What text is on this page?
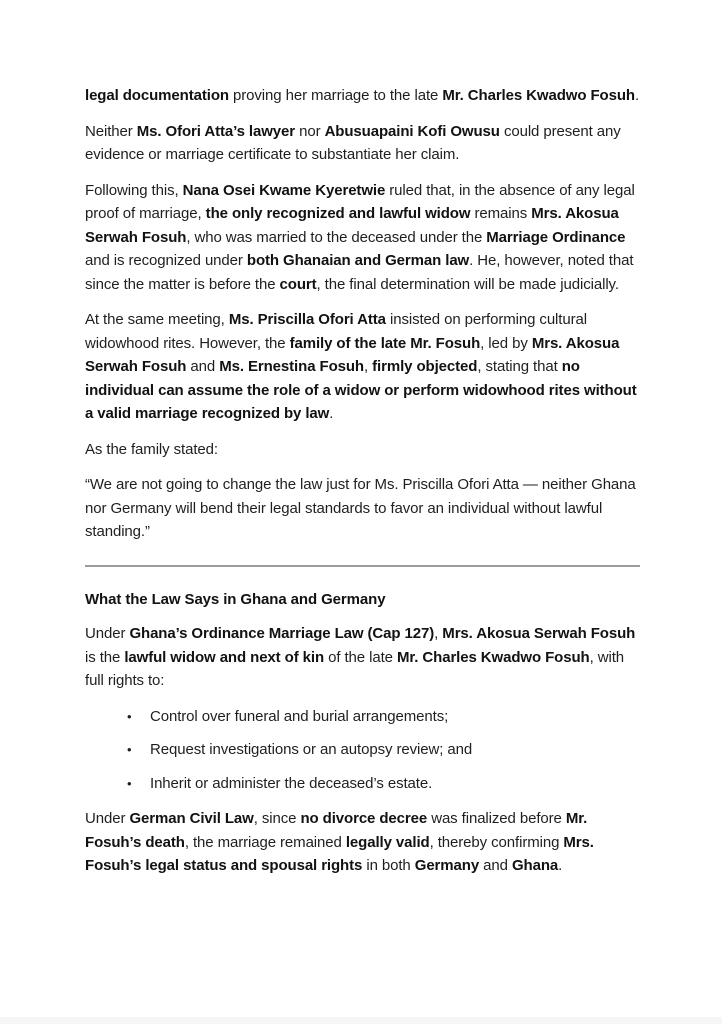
legal documentation proving her marriage to the late Mr. Charles Kwadwo Fosuh.

Neither Ms. Ofori Atta’s lawyer nor Abusuapaini Kofi Owusu could present any evidence or marriage certificate to substantiate her claim.

Following this, Nana Osei Kwame Kyeretwie ruled that, in the absence of any legal proof of marriage, the only recognized and lawful widow remains Mrs. Akosua Serwah Fosuh, who was married to the deceased under the Marriage Ordinance and is recognized under both Ghanaian and German law. He, however, noted that since the matter is before the court, the final determination will be made judicially.

At the same meeting, Ms. Priscilla Ofori Atta insisted on performing cultural widowhood rites. However, the family of the late Mr. Fosuh, led by Mrs. Akosua Serwah Fosuh and Ms. Ernestina Fosuh, firmly objected, stating that no individual can assume the role of a widow or perform widowhood rites without a valid marriage recognized by law.

As the family stated:

“We are not going to change the law just for Ms. Priscilla Ofori Atta — neither Ghana nor Germany will bend their legal standards to favor an individual without lawful standing.”

What the Law Says in Ghana and Germany

Under Ghana’s Ordinance Marriage Law (Cap 127), Mrs. Akosua Serwah Fosuh is the lawful widow and next of kin of the late Mr. Charles Kwadwo Fosuh, with full rights to:

• Control over funeral and burial arrangements;
• Request investigations or an autopsy review; and
• Inherit or administer the deceased’s estate.

Under German Civil Law, since no divorce decree was finalized before Mr. Fosuh’s death, the marriage remained legally valid, thereby confirming Mrs. Fosuh’s legal status and spousal rights in both Germany and Ghana.
